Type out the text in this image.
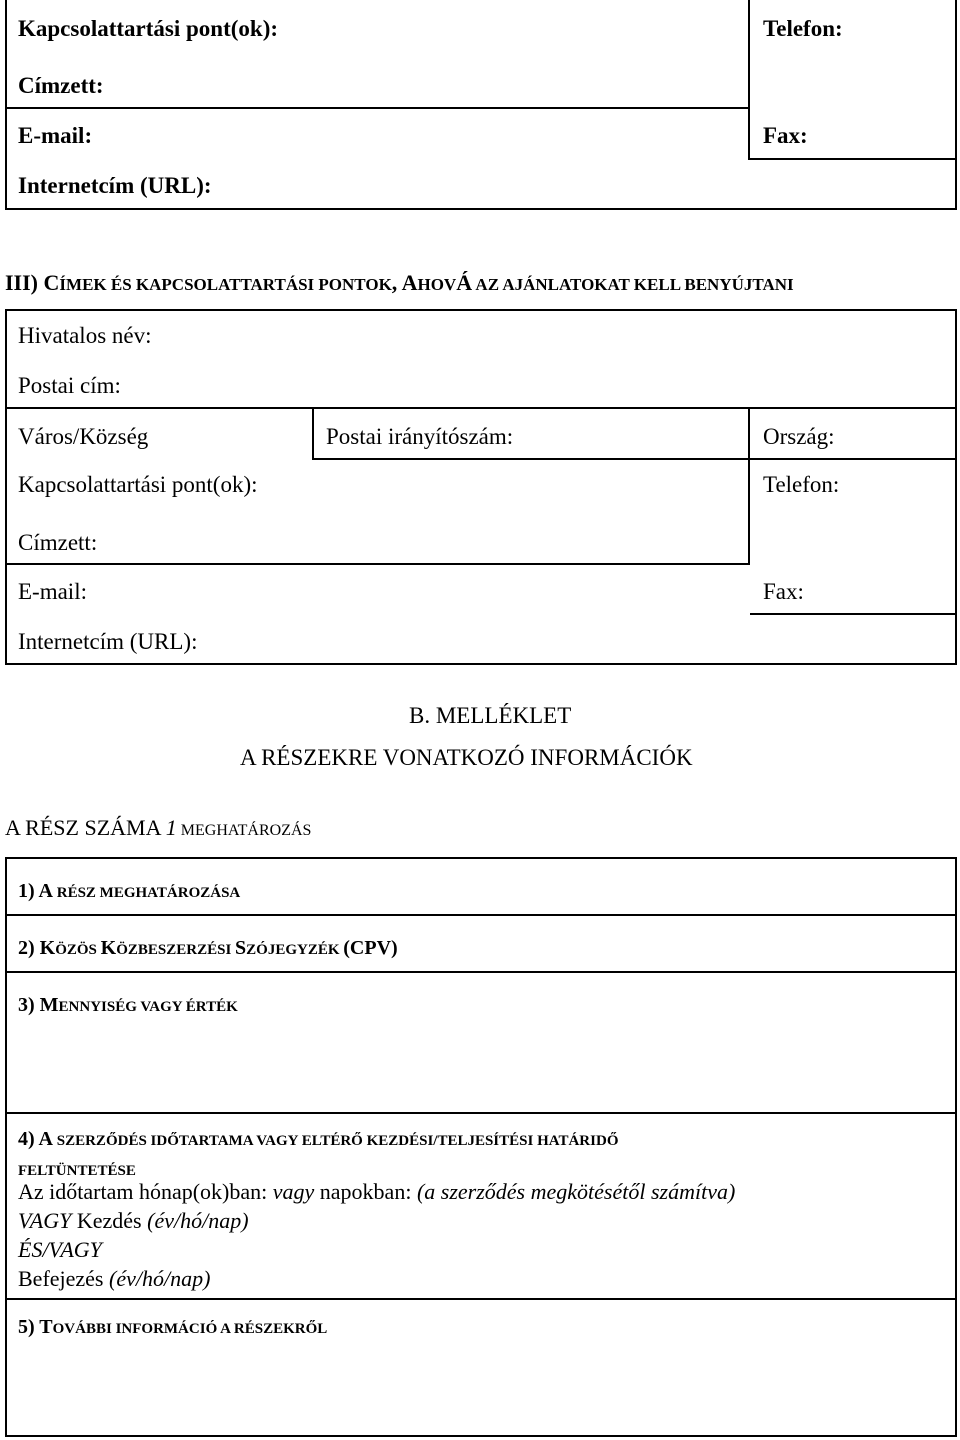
Kapcsolattartási pont(ok):	Telefon:
Címzett:
E-mail:	Fax:
Internetcím (URL):
III) CÍMEK ÉS KAPCSOLATTARTÁSI PONTOK, AHOVÁ AZ AJÁNLATOKAT KELL BENYÚJTANI
Hivatalos név:
Postai cím:
Város/Község	Postai irányítószám:	Ország:
Kapcsolattartási pont(ok):	Telefon:
Címzett:
E-mail:	Fax:
Internetcím (URL):
B. MELLÉKLET
A RÉSZEKRE VONATKOZÓ INFORMÁCIÓK
A RÉSZ SZÁMA 1 MEGHATÁROZÁS
1) A RÉSZ MEGHATÁROZÁSA
2) KÖZÖS KÖZBESZERZÉSI SZÓJEGYZÉK (CPV)
3) MENNYISÉG VAGY ÉRTÉK
4) A SZERZŐDÉS IDŐTARTAMA VAGY ELTÉRŐ KEZDÉSI/TELJESÍTÉSI HATÁRIDŐ
FELTÜNTETÉSE
Az időtartam hónap(ok)ban: vagy napokban: (a szerződés megkötésétől számítva)
VAGY Kezdés (év/hó/nap)
ÉS/VAGY
Befejezés (év/hó/nap)
5) TOVÁBBI INFORMÁCIÓ A RÉSZEKRŐL
